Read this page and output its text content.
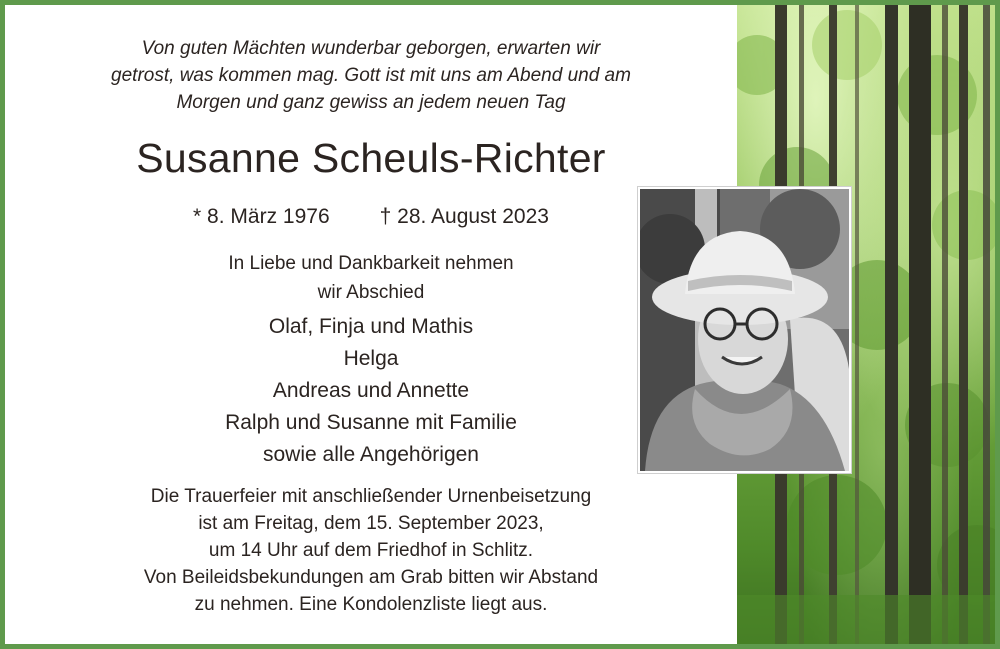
Von guten Mächten wunderbar geborgen, erwarten wir
getrost, was kommen mag. Gott ist mit uns am Abend und am
Morgen und ganz gewiss an jedem neuen Tag
Susanne Scheuls-Richter
* 8. März 1976 † 28. August 2023
In Liebe und Dankbarkeit nehmen
wir Abschied
Olaf, Finja und Mathis
Helga
Andreas und Annette
Ralph und Susanne mit Familie
sowie alle Angehörigen
Die Trauerfeier mit anschließender Urnenbeisetzung
ist am Freitag, dem 15. September 2023,
um 14 Uhr auf dem Friedhof in Schlitz.
Von Beileidsbekundungen am Grab bitten wir Abstand
zu nehmen. Eine Kondolenzliste liegt aus.
